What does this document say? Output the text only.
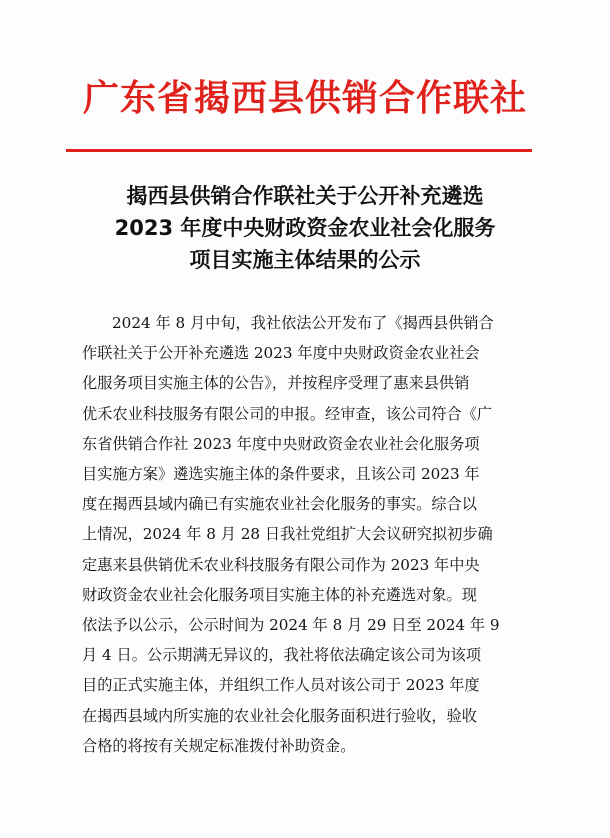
广东省揭西县供销合作联社
揭西县供销合作联社关于公开补充遴选
2023 年度中央财政资金农业社会化服务
项目实施主体结果的公示
2024 年 8 月中旬，我社依法公开发布了《揭西县供销合
作联社关于公开补充遴选 2023 年度中央财政资金农业社会
化服务项目实施主体的公告》，并按程序受理了惠来县供销
优禾农业科技服务有限公司的申报。经审查，该公司符合《广
东省供销合作社 2023 年度中央财政资金农业社会化服务项
目实施方案》遴选实施主体的条件要求，且该公司 2023 年
度在揭西县域内确已有实施农业社会化服务的事实。综合以
上情况，2024 年 8 月 28 日我社党组扩大会议研究拟初步确
定惠来县供销优禾农业科技服务有限公司作为 2023 年中央
财政资金农业社会化服务项目实施主体的补充遴选对象。现
依法予以公示，公示时间为 2024 年 8 月 29 日至 2024 年 9
月 4 日。公示期满无异议的，我社将依法确定该公司为该项
目的正式实施主体，并组织工作人员对该公司于 2023 年度
在揭西县域内所实施的农业社会化服务面积进行验收，验收
合格的将按有关规定标准拨付补助资金。
